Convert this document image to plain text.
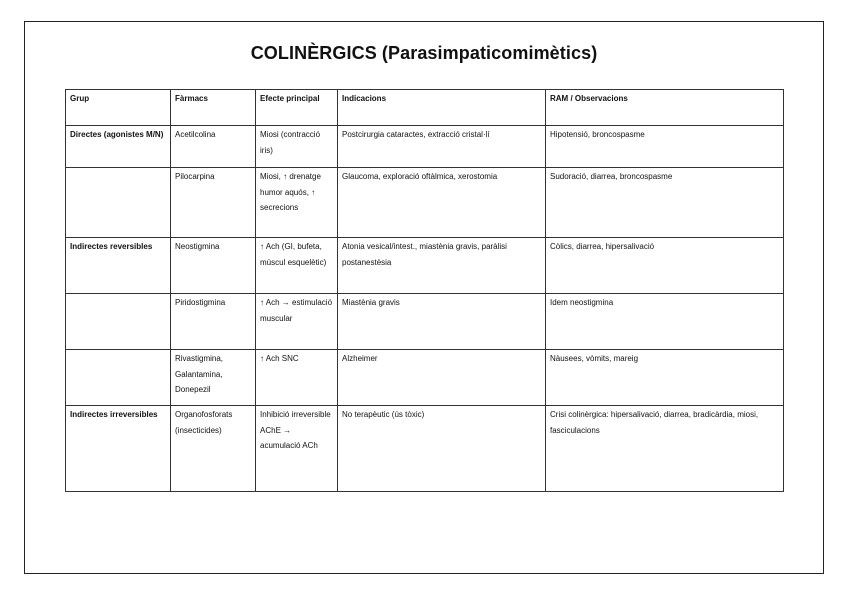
COLINÈRGICS (Parasimpaticomimètics)
Grup	Fàrmacs	Efecte principal	Indicacions	RAM / Observacions
Directes (agonistes M/N)	Acetilcolina	Miosi (contracció iris)	Postcirurgia cataractes, extracció cristal·lí	Hipotensió, broncospasme
	Pilocarpina	Miosi, ↑ drenatge humor aquós, ↑ secrecions	Glaucoma, exploració oftàlmica, xerostomia	Sudoració, diarrea, broncospasme
Indirectes reversibles	Neostigmina	↑ Ach (GI, bufeta, múscul esquelètic)	Atonia vesical/intest., miastènia gravis, paràlisi postanestèsia	Còlics, diarrea, hipersalivació
	Piridostigmina	↑ Ach → estimulació muscular	Miastènia gravis	Idem neostigmina
	Rivastigmina, Galantamina, Donepezil	↑ Ach SNC	Alzheimer	Nàusees, vòmits, mareig
Indirectes irreversibles	Organofosforats (insecticides)	Inhibició irreversible AChE → acumulació ACh	No terapèutic (ús tòxic)	Crisi colinèrgica: hipersalivació, diarrea, bradicàrdia, miosi, fasciculacions
